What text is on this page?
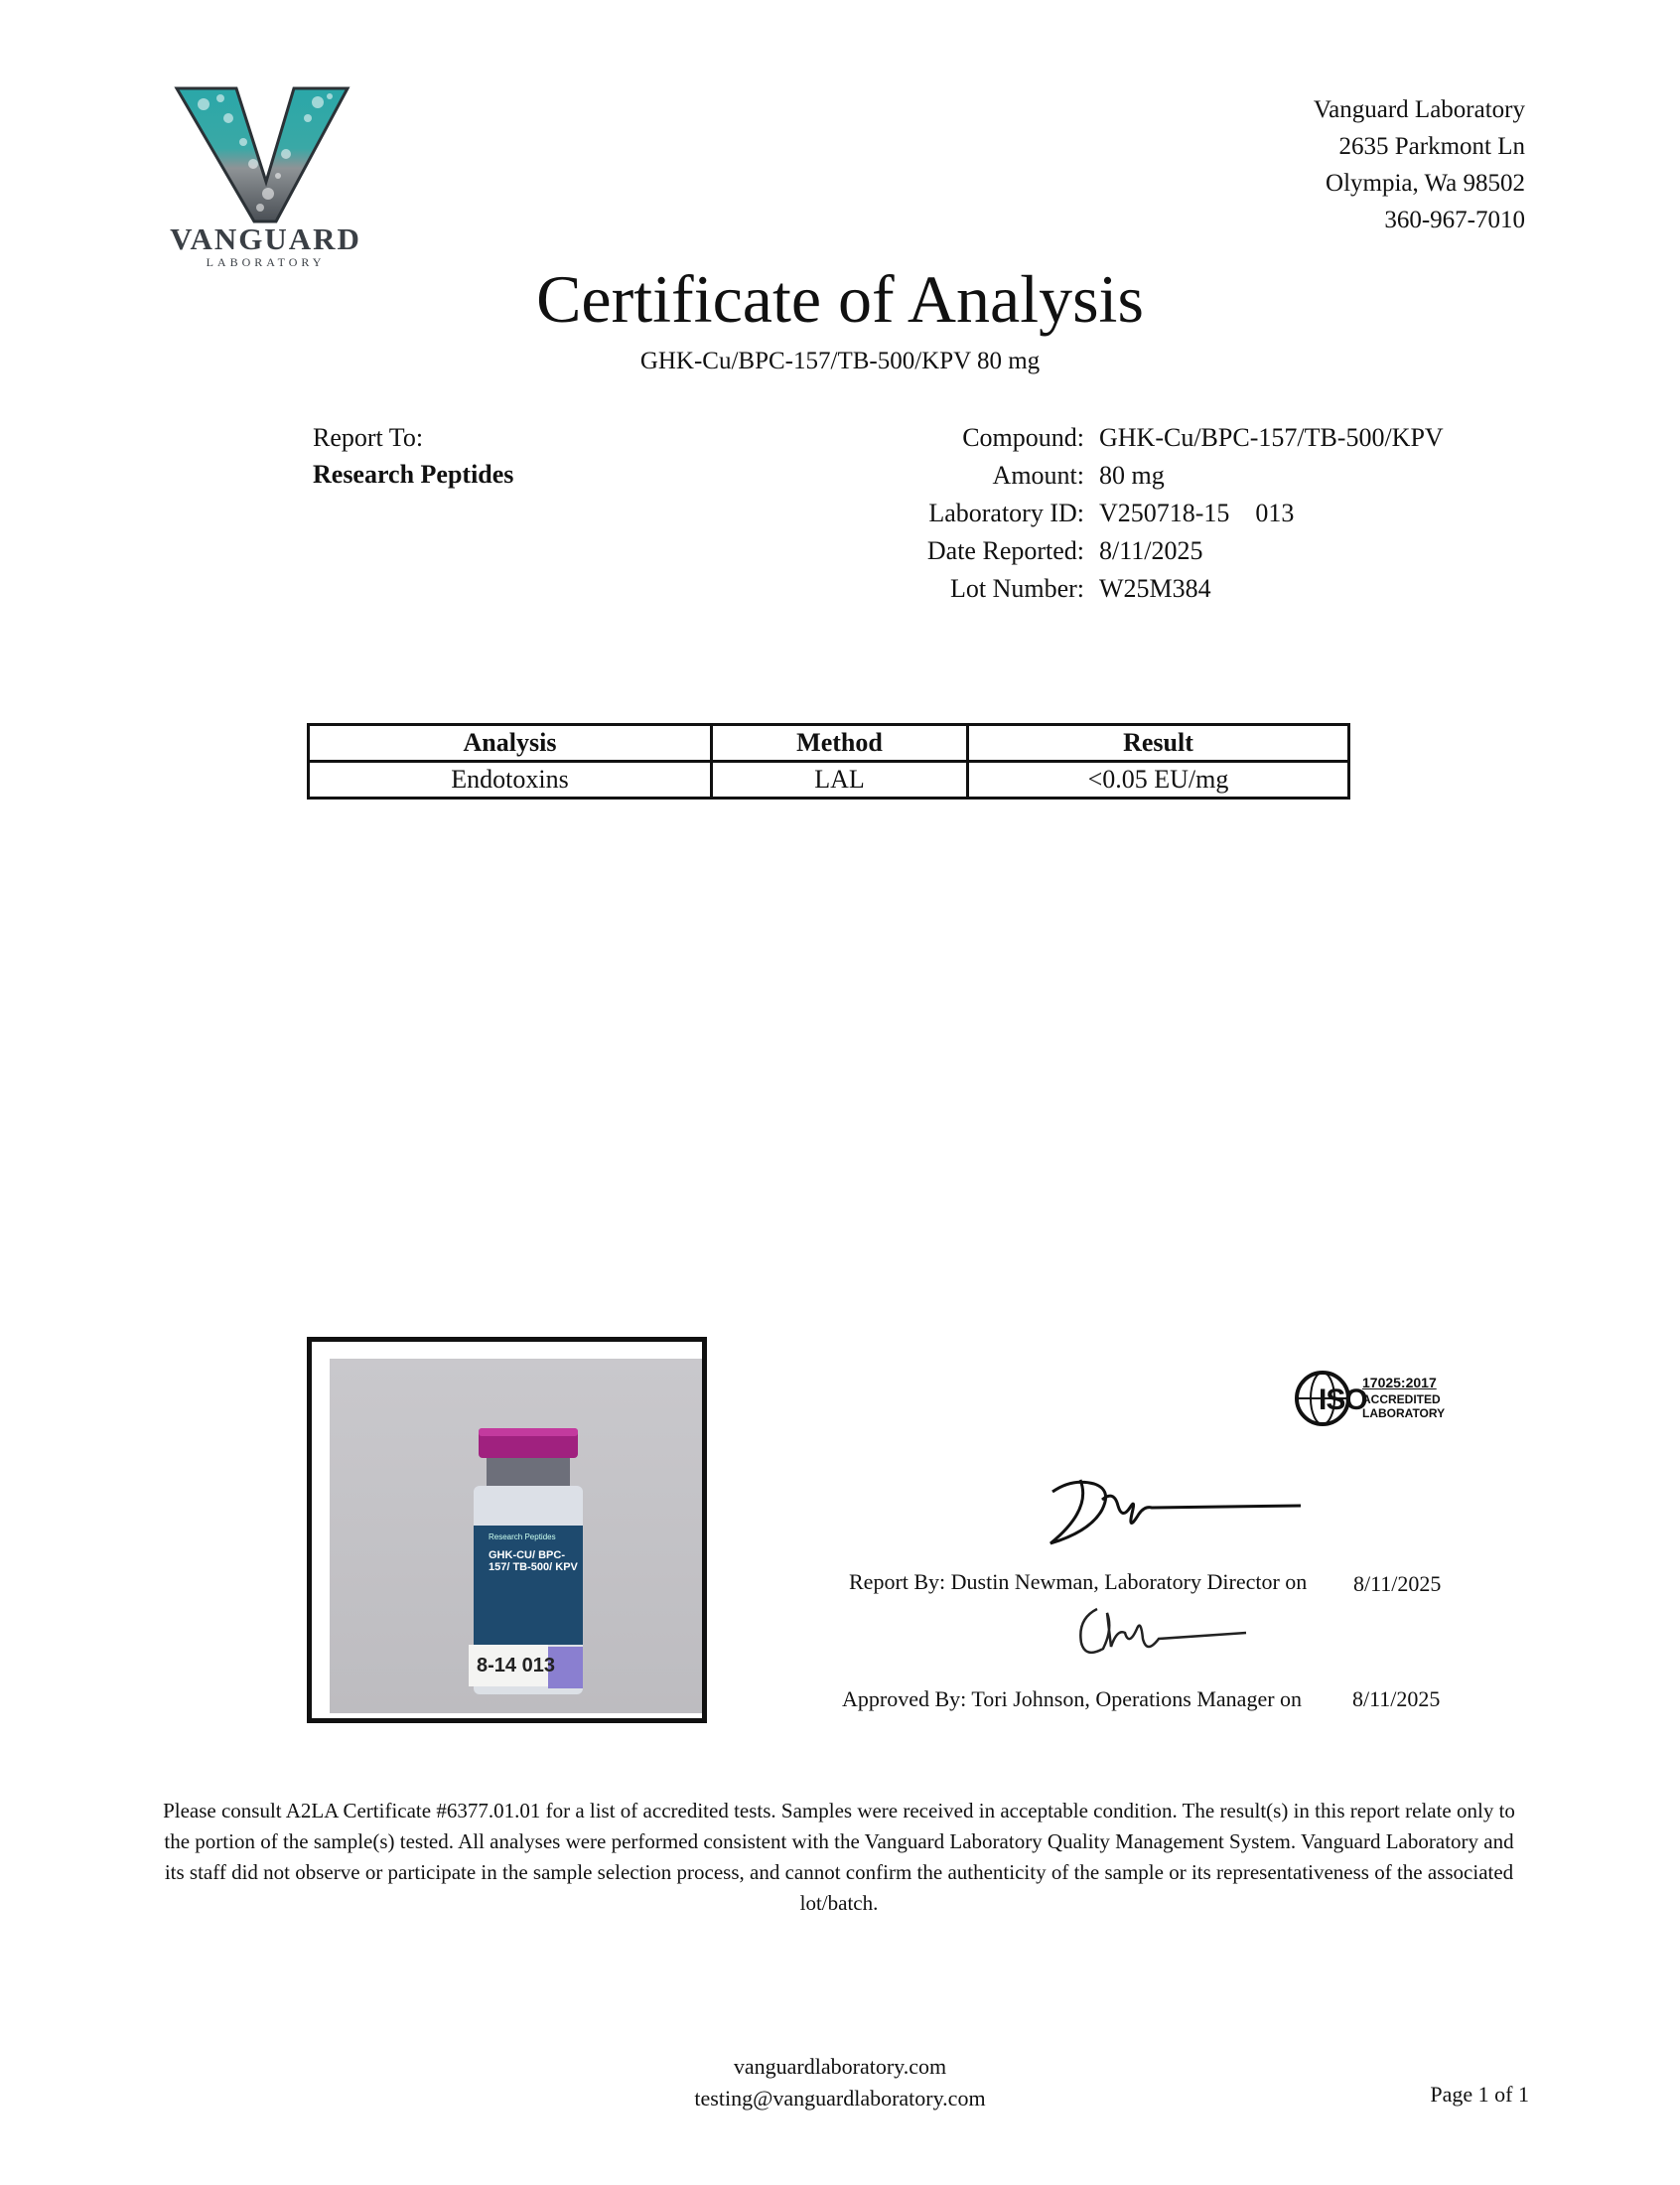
VANGUARD
LABORATORY
Vanguard Laboratory
2635 Parkmont Ln
Olympia, Wa 98502
360-967-7010
Certificate of Analysis
GHK-Cu/BPC-157/TB-500/KPV 80 mg
Report To:
Research Peptides
Compound: GHK-Cu/BPC-157/TB-500/KPV
Amount: 80 mg
Laboratory ID: V250718-15    013
Date Reported: 8/11/2025
Lot Number: W25M384
Analysis	Method	Result
Endotoxins	LAL	<0.05 EU/mg
Research Peptides
GHK-CU/ BPC-157/ TB-500/ KPV
8-14 013
ISO
17025:2017
ACCREDITED
LABORATORY
Report By: Dustin Newman, Laboratory Director on 8/11/2025
Approved By: Tori Johnson, Operations Manager on 8/11/2025
Please consult A2LA Certificate #6377.01.01 for a list of accredited tests. Samples were received in acceptable condition. The result(s) in this report relate only to the portion of the sample(s) tested. All analyses were performed consistent with the Vanguard Laboratory Quality Management System. Vanguard Laboratory and its staff did not observe or participate in the sample selection process, and cannot confirm the authenticity of the sample or its representativeness of the associated lot/batch.
vanguardlaboratory.com
testing@vanguardlaboratory.com	Page 1 of 1
